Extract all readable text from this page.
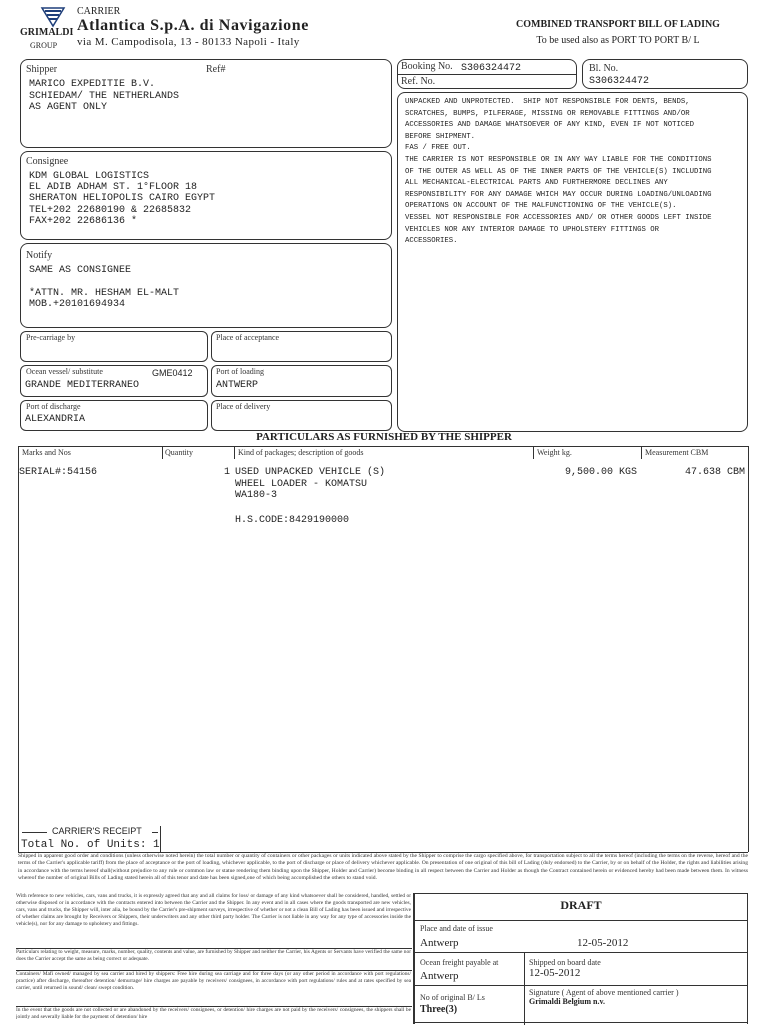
GRIMALDI
GROUP
CARRIER
Atlantica S.p.A. di Navigazione
via M. Campodisola, 13 - 80133 Napoli - Italy
COMBINED TRANSPORT BILL OF LADING
To be used also as PORT TO PORT B/ L
Shipper	Ref#
MARICO EXPEDITIE B.V.
SCHIEDAM/ THE NETHERLANDS
AS AGENT ONLY
Booking No. S306324472
Ref. No.
Bl. No.
S306324472
UNPACKED AND UNPROTECTED.  SHIP NOT RESPONSIBLE FOR DENTS, BENDS,
SCRATCHES, BUMPS, PILFERAGE, MISSING OR REMOVABLE FITTINGS AND/OR
ACCESSORIES AND DAMAGE WHATSOEVER OF ANY KIND, EVEN IF NOT NOTICED
BEFORE SHIPMENT.
FAS / FREE OUT.
THE CARRIER IS NOT RESPONSIBLE OR IN ANY WAY LIABLE FOR THE CONDITIONS
OF THE OUTER AS WELL AS OF THE INNER PARTS OF THE VEHICLE(S) INCLUDING
ALL MECHANICAL-ELECTRICAL PARTS AND FURTHERMORE DECLINES ANY
RESPONSIBILITY FOR ANY DAMAGE WHICH MAY OCCUR DURING LOADING/UNLOADING
OPERATIONS ON ACCOUNT OF THE MALFUNCTIONING OF THE VEHICLE(S).
VESSEL NOT RESPONSIBLE FOR ACCESSORIES AND/ OR OTHER GOODS LEFT INSIDE
VEHICLES NOR ANY INTERIOR DAMAGE TO UPHOLSTERY FITTINGS OR
ACCESSORIES.
Consignee
KDM GLOBAL LOGISTICS
EL ADIB ADHAM ST. 1°FLOOR 18
SHERATON HELIOPOLIS CAIRO EGYPT
TEL+202 22680190 & 22685832
FAX+202 22686136 *
Notify
SAME AS CONSIGNEE
*ATTN. MR. HESHAM EL-MALT
MOB.+20101694934
Pre-carriage by	Place of acceptance
Ocean vessel/ substitute	GME0412
GRANDE MEDITERRANEO
Port of loading
ANTWERP
Port of discharge
ALEXANDRIA
Place of delivery
PARTICULARS AS FURNISHED BY THE SHIPPER
Marks and Nos	Quantity	Kind of packages; description of goods	Weight kg.	Measurement CBM
SERIAL#:54156	1 USED UNPACKED VEHICLE (S)
WHEEL LOADER - KOMATSU
WA180-3
H.S.CODE:8429190000
9,500.00 KGS	47.638 CBM
CARRIER'S RECEIPT
Total No. of Units: 1
Shipped in apparent good order and conditions (unless otherwise noted herein) the total number or quantity of containers or other packages or units indicated above stated by the Shipper to comprise the cargo specified above, for transportation subject to all the terms hereof (including the terms on the reverse, hereof and the terms of the Carrier's applicable tariff) from the place of acceptance or the port of loading, whichever applicable, to the port of discharge or place of delivery whichever applicable. On presentation of one original of this bill of Lading (duly endorsed) to the Carrier, by or on behalf of the Holder, the rights and liabilities arising in accordance with the terms hereof shall(without prejudice to any rule or common law or statue rendering them binding upon the Shipper, Holder and Carrier) become binding in all respect between the Carrier and Holder as though the Contract contained herein or evidenced hereby had been made between them. In witness whereof the number of original Bills of Lading stated herein all of this tenor and date has been signed,one of which being accomplished the others to stand void.
With reference to new vehicles, cars, vans and trucks, it is expressly agreed that any and all claims for loss/ or damage of any kind whatsoever shall be considered, handled, settled or otherwise disposed or in accordance with the contracts entered into between the Carrier and the Shipper. In any event and in all cases where the goods transported are new vehicles, cars, vans and trucks, the Shipper will, inter alia, be bound by the Carrier's pre-shipment surveys, irrespective of whether or not a clean Bill of Lading has been issued and irrespective of whether claims are brought by Receivers or Shippers, their underwriters and any other third party holder. The Carrier is not liable in any way for any type of accessories inside the vehicle(s), nor for any damage to upholstery and fittings.
Particulars relating to weight, measure, marks, number, quality, contents and value, are furnished by Shipper and neither the Carrier, his Agents or Servants have verified the same nor does the Carrier accept the same as being correct or adequate.
Containers/ Mafi owned/ managed by sea carrier and hired by shippers: Free hire during sea carriage and for three days (or any other period in accordance with port regulations/ practice) after discharge, thereafter detention/ demurrage/ hire charges are payable by receivers/ consignees, in accordance with port regulations/ rules and at rates specified by sea carrier, until returned in sound/ clean/ swept condition.
In the event that the goods are not collected or are abandoned by the receivers/ consignees, or detention/ hire charges are not paid by the receivers/ consignees, the shippers shall be jointly and severally liable for the payment of detention/ hire
DRAFT
Place and date of issue
Antwerp	12-05-2012
Ocean freight payable at
Antwerp
Shipped on board date
12-05-2012
No of original B/ Ls
Three(3)
Signature ( Agent of above mentioned carrier )
Grimaldi Belgium n.v.
